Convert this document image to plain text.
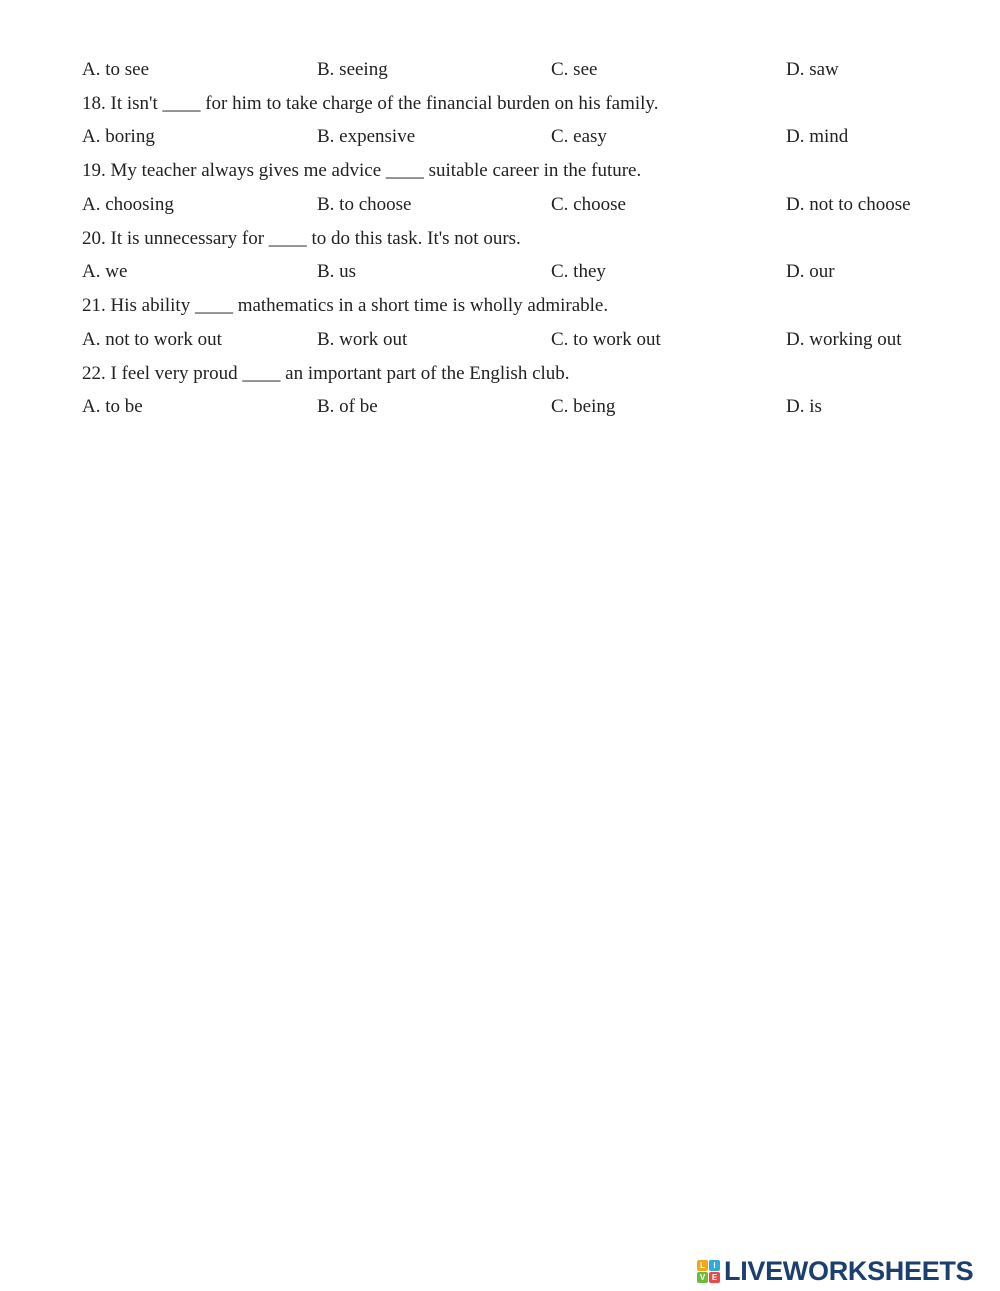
A. to see	B. seeing	C. see	D. saw
18. It isn't ____ for him to take charge of the financial burden on his family.
A. boring	B. expensive	C. easy	D. mind
19. My teacher always gives me advice ____ suitable career in the future.
A. choosing	B. to choose	C. choose	D. not to choose
20. It is unnecessary for ____ to do this task. It's not ours.
A. we	B. us	C. they	D. our
21. His ability ____ mathematics in a short time is wholly admirable.
A. not to work out	B. work out	C. to work out	D. working out
22. I feel very proud ____ an important part of the English club.
A. to be	B. of be	C. being	D. is
L	I
V E LIVEWORKSHEETS
